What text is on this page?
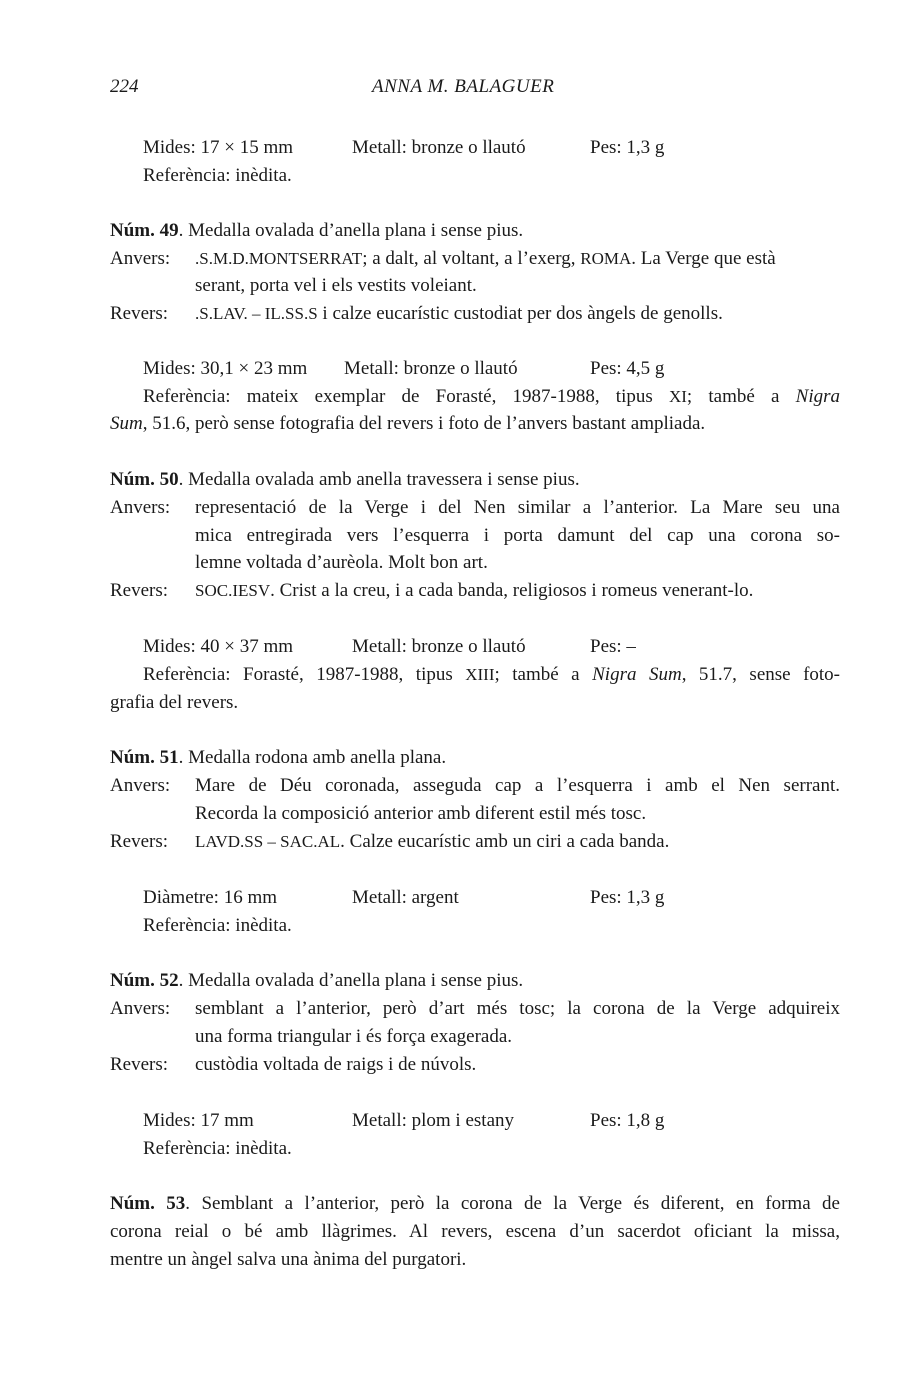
224	ANNA M. BALAGUER
Mides: 17 × 15 mm	Metall: bronze o llautó	Pes: 1,3 g
Referència: inèdita.
Núm. 49. Medalla ovalada d’anella plana i sense pius.
Anvers: .S.M.D.MONTSERRAT; a dalt, al voltant, a l’exerg, ROMA. La Verge que està
serant, porta vel i els vestits voleiant.
Revers: .S.LAV. – IL.SS.S i calze eucarístic custodiat per dos àngels de genolls.
Mides: 30,1 × 23 mm Metall: bronze o llautó	Pes: 4,5 g
Referència: mateix exemplar de Forasté, 1987-1988, tipus XI; també a Nigra
Sum, 51.6, però sense fotografia del revers i foto de l’anvers bastant ampliada.
Núm. 50. Medalla ovalada amb anella travessera i sense pius.
Anvers:	representació de la Verge i del Nen similar a l’anterior. La Mare seu una
mica entregirada vers l’esquerra i porta damunt del cap una corona so-
lemne voltada d’aurèola. Molt bon art.
Revers: SOC.IESV. Crist a la creu, i a cada banda, religiosos i romeus venerant-lo.
Mides: 40 × 37 mm	Metall: bronze o llautó	Pes: –
Referència: Forasté, 1987-1988, tipus XIII; també a Nigra Sum, 51.7, sense foto-
grafia del revers.
Núm. 51. Medalla rodona amb anella plana.
Anvers:	Mare de Déu coronada, asseguda cap a l’esquerra i amb el Nen serrant.
Recorda la composició anterior amb diferent estil més tosc.
Revers: LAVD.SS – SAC.AL. Calze eucarístic amb un ciri a cada banda.
Diàmetre: 16 mm	Metall: argent	Pes: 1,3 g
Referència: inèdita.
Núm. 52. Medalla ovalada d’anella plana i sense pius.
Anvers:	semblant a l’anterior, però d’art més tosc; la corona de la Verge adquireix
una forma triangular i és força exagerada.
Revers: custòdia voltada de raigs i de núvols.
Mides: 17 mm	Metall: plom i estany	Pes: 1,8 g
Referència: inèdita.
Núm. 53. Semblant a l’anterior, però la corona de la Verge és diferent, en forma de
corona reial o bé amb llàgrimes. Al revers, escena d’un sacerdot oficiant la missa,
mentre un àngel salva una ànima del purgatori.
